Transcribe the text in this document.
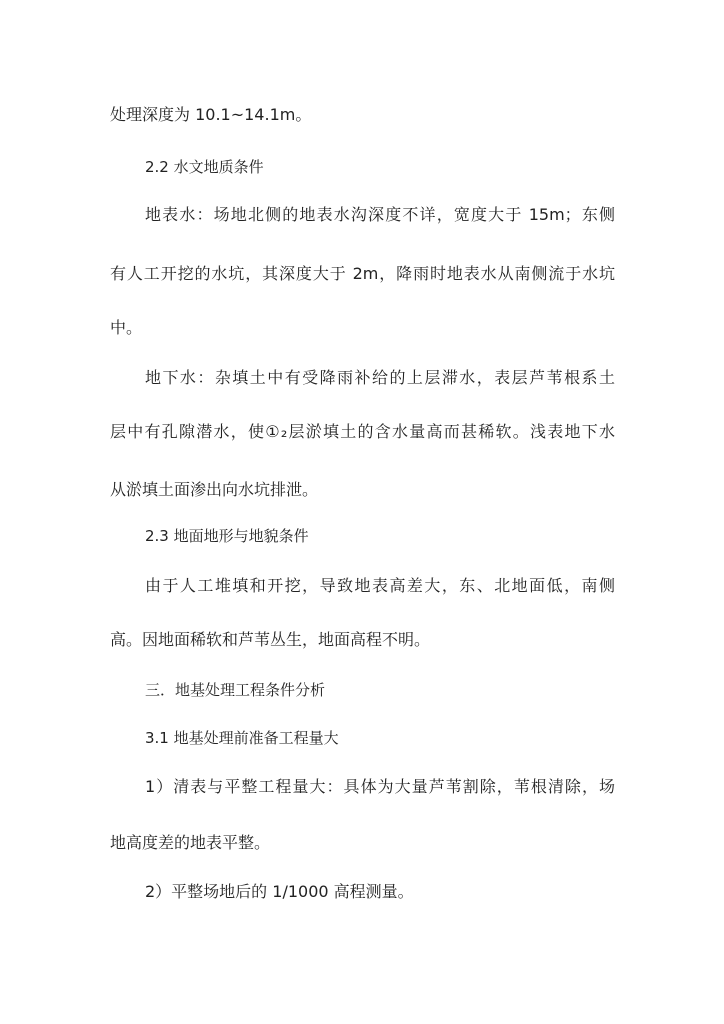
处理深度为 10.1~14.1m。
2.2 水文地质条件
地表水：场地北侧的地表水沟深度不详，宽度大于 15m；东侧
有人工开挖的水坑，其深度大于 2m，降雨时地表水从南侧流于水坑
中。
地下水：杂填土中有受降雨补给的上层滞水，表层芦苇根系土
层中有孔隙潜水，使①₂层淤填土的含水量高而甚稀软。浅表地下水
从淤填土面渗出向水坑排泄。
2.3 地面地形与地貌条件
由于人工堆填和开挖，导致地表高差大，东、北地面低，南侧
高。因地面稀软和芦苇丛生，地面高程不明。
三．地基处理工程条件分析
3.1 地基处理前准备工程量大
1）清表与平整工程量大：具体为大量芦苇割除，苇根清除，场
地高度差的地表平整。
2）平整场地后的 1/1000 高程测量。
